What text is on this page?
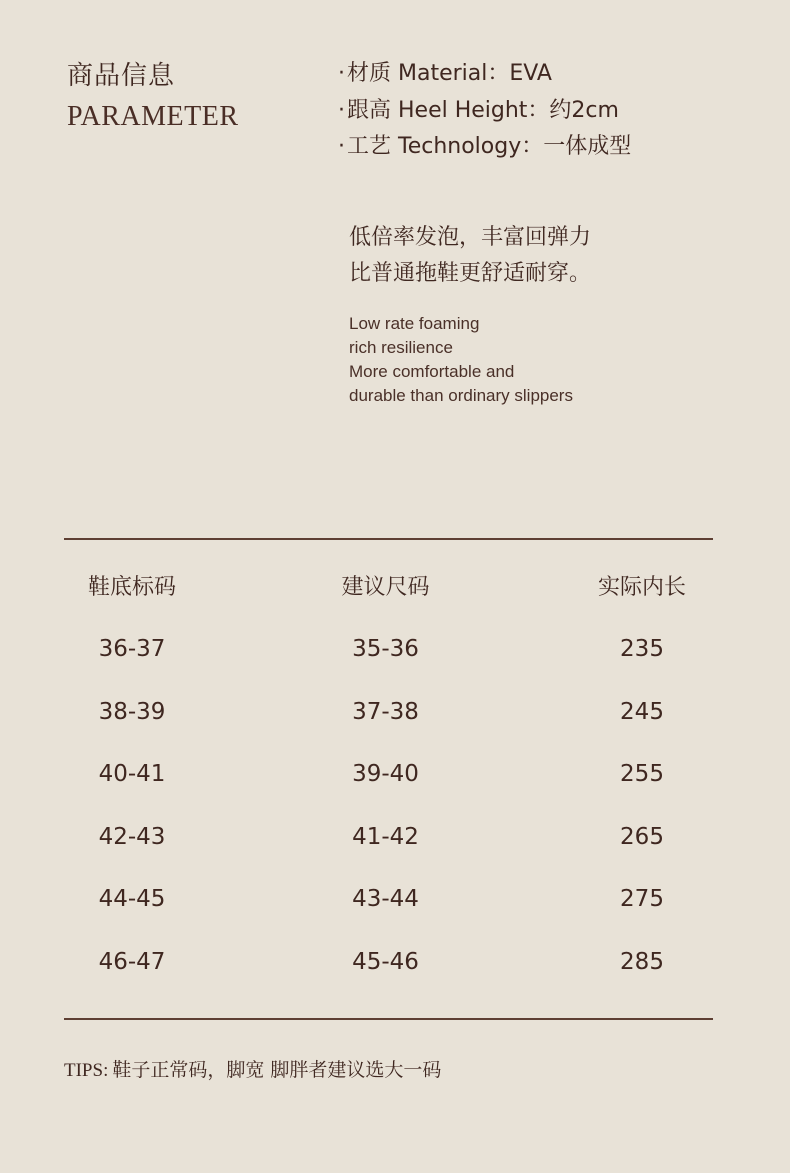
商品信息
PARAMETER
·材质 Material：EVA
·跟高 Heel Height：约2cm
·工艺 Technology：一体成型

低倍率发泡，丰富回弹力
比普通拖鞋更舒适耐穿。

Low rate foaming
rich resilience
More comfortable and
durable than ordinary slippers

鞋底标码	建议尺码	实际内长
36-37	35-36	235
38-39	37-38	245
40-41	39-40	255
42-43	41-42	265
44-45	43-44	275
46-47	45-46	285
TIPS: 鞋子正常码，脚宽 脚胖者建议选大一码
